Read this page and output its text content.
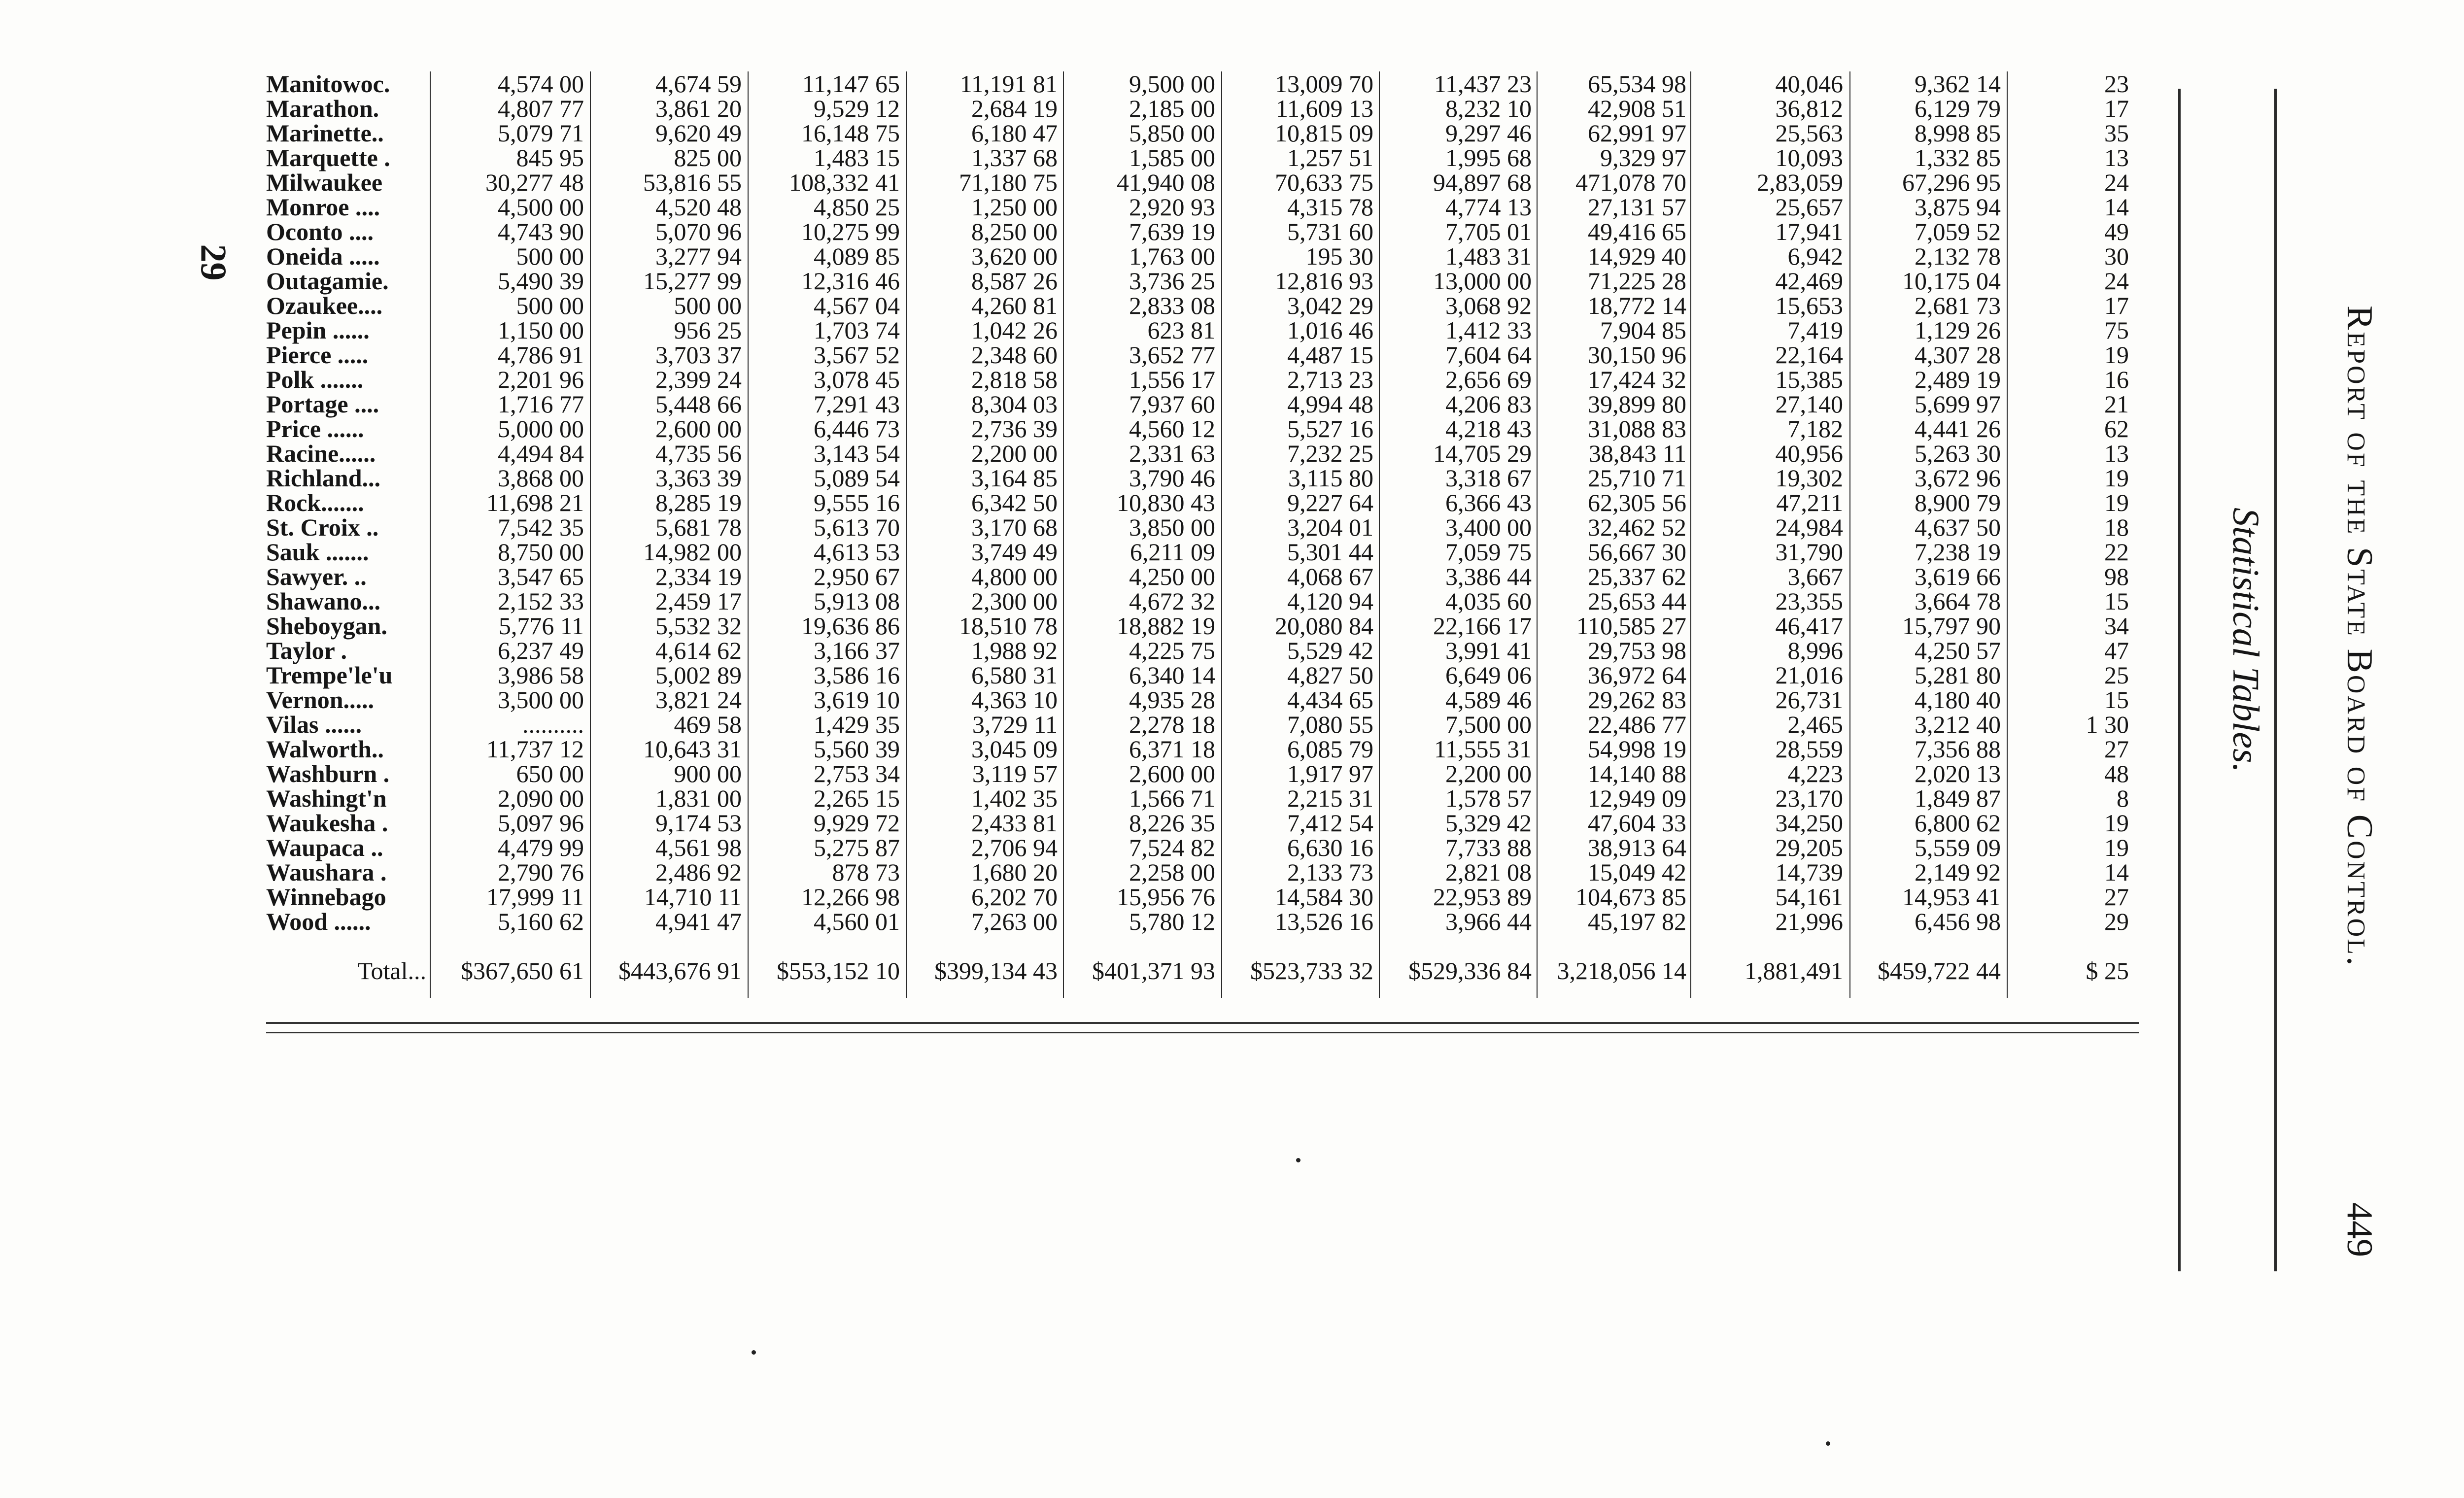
29
Manitowoc.	4,574 00	4,674 59	11,147 65	11,191 81	9,500 00	13,009 70	11,437 23	65,534 98	40,046	9,362 14	23
Marathon.	4,807 77	3,861 20	9,529 12	2,684 19	2,185 00	11,609 13	8,232 10	42,908 51	36,812	6,129 79	17
Marinette..	5,079 71	9,620 49	16,148 75	6,180 47	5,850 00	10,815 09	9,297 46	62,991 97	25,563	8,998 85	35
Marquette .	845 95	825 00	1,483 15	1,337 68	1,585 00	1,257 51	1,995 68	9,329 97	10,093	1,332 85	13
Milwaukee	30,277 48	53,816 55	108,332 41	71,180 75	41,940 08	70,633 75	94,897 68	471,078 70	2,83,059	67,296 95	24
Monroe ....	4,500 00	4,520 48	4,850 25	1,250 00	2,920 93	4,315 78	4,774 13	27,131 57	25,657	3,875 94	14
Oconto ....	4,743 90	5,070 96	10,275 99	8,250 00	7,639 19	5,731 60	7,705 01	49,416 65	17,941	7,059 52	49
Oneida .....	500 00	3,277 94	4,089 85	3,620 00	1,763 00	195 30	1,483 31	14,929 40	6,942	2,132 78	30
Outagamie.	5,490 39	15,277 99	12,316 46	8,587 26	3,736 25	12,816 93	13,000 00	71,225 28	42,469	10,175 04	24
Ozaukee....	500 00	500 00	4,567 04	4,260 81	2,833 08	3,042 29	3,068 92	18,772 14	15,653	2,681 73	17
Pepin ......	1,150 00	956 25	1,703 74	1,042 26	623 81	1,016 46	1,412 33	7,904 85	7,419	1,129 26	75
Pierce .....	4,786 91	3,703 37	3,567 52	2,348 60	3,652 77	4,487 15	7,604 64	30,150 96	22,164	4,307 28	19
Polk .......	2,201 96	2,399 24	3,078 45	2,818 58	1,556 17	2,713 23	2,656 69	17,424 32	15,385	2,489 19	16
Portage ....	1,716 77	5,448 66	7,291 43	8,304 03	7,937 60	4,994 48	4,206 83	39,899 80	27,140	5,699 97	21
Price ......	5,000 00	2,600 00	6,446 73	2,736 39	4,560 12	5,527 16	4,218 43	31,088 83	7,182	4,441 26	62
Racine......	4,494 84	4,735 56	3,143 54	2,200 00	2,331 63	7,232 25	14,705 29	38,843 11	40,956	5,263 30	13
Richland...	3,868 00	3,363 39	5,089 54	3,164 85	3,790 46	3,115 80	3,318 67	25,710 71	19,302	3,672 96	19
Rock.......	11,698 21	8,285 19	9,555 16	6,342 50	10,830 43	9,227 64	6,366 43	62,305 56	47,211	8,900 79	19
St. Croix ..	7,542 35	5,681 78	5,613 70	3,170 68	3,850 00	3,204 01	3,400 00	32,462 52	24,984	4,637 50	18
Sauk .......	8,750 00	14,982 00	4,613 53	3,749 49	6,211 09	5,301 44	7,059 75	56,667 30	31,790	7,238 19	22
Sawyer. ..	3,547 65	2,334 19	2,950 67	4,800 00	4,250 00	4,068 67	3,386 44	25,337 62	3,667	3,619 66	98
Shawano...	2,152 33	2,459 17	5,913 08	2,300 00	4,672 32	4,120 94	4,035 60	25,653 44	23,355	3,664 78	15
Sheboygan.	5,776 11	5,532 32	19,636 86	18,510 78	18,882 19	20,080 84	22,166 17	110,585 27	46,417	15,797 90	34
Taylor .	6,237 49	4,614 62	3,166 37	1,988 92	4,225 75	5,529 42	3,991 41	29,753 98	8,996	4,250 57	47
Trempe'le'u	3,986 58	5,002 89	3,586 16	6,580 31	6,340 14	4,827 50	6,649 06	36,972 64	21,016	5,281 80	25
Vernon.....	3,500 00	3,821 24	3,619 10	4,363 10	4,935 28	4,434 65	4,589 46	29,262 83	26,731	4,180 40	15
Vilas ......	..........	469 58	1,429 35	3,729 11	2,278 18	7,080 55	7,500 00	22,486 77	2,465	3,212 40	1 30
Walworth..	11,737 12	10,643 31	5,560 39	3,045 09	6,371 18	6,085 79	11,555 31	54,998 19	28,559	7,356 88	27
Washburn .	650 00	900 00	2,753 34	3,119 57	2,600 00	1,917 97	2,200 00	14,140 88	4,223	2,020 13	48
Washingt'n	2,090 00	1,831 00	2,265 15	1,402 35	1,566 71	2,215 31	1,578 57	12,949 09	23,170	1,849 87	8
Waukesha .	5,097 96	9,174 53	9,929 72	2,433 81	8,226 35	7,412 54	5,329 42	47,604 33	34,250	6,800 62	19
Waupaca ..	4,479 99	4,561 98	5,275 87	2,706 94	7,524 82	6,630 16	7,733 88	38,913 64	29,205	5,559 09	19
Waushara .	2,790 76	2,486 92	878 73	1,680 20	2,258 00	2,133 73	2,821 08	15,049 42	14,739	2,149 92	14
Winnebago	17,999 11	14,710 11	12,266 98	6,202 70	15,956 76	14,584 30	22,953 89	104,673 85	54,161	14,953 41	27
Wood ......	5,160 62	4,941 47	4,560 01	7,263 00	5,780 12	13,526 16	3,966 44	45,197 82	21,996	6,456 98	29
Total...	$367,650 61	$443,676 91	$553,152 10	$399,134 43	$401,371 93	$523,733 32	$529,336 84	3,218,056 14	1,881,491	$459,722 44	$ 25
Report of the State Board of Control.
449
Statistical Tables.
